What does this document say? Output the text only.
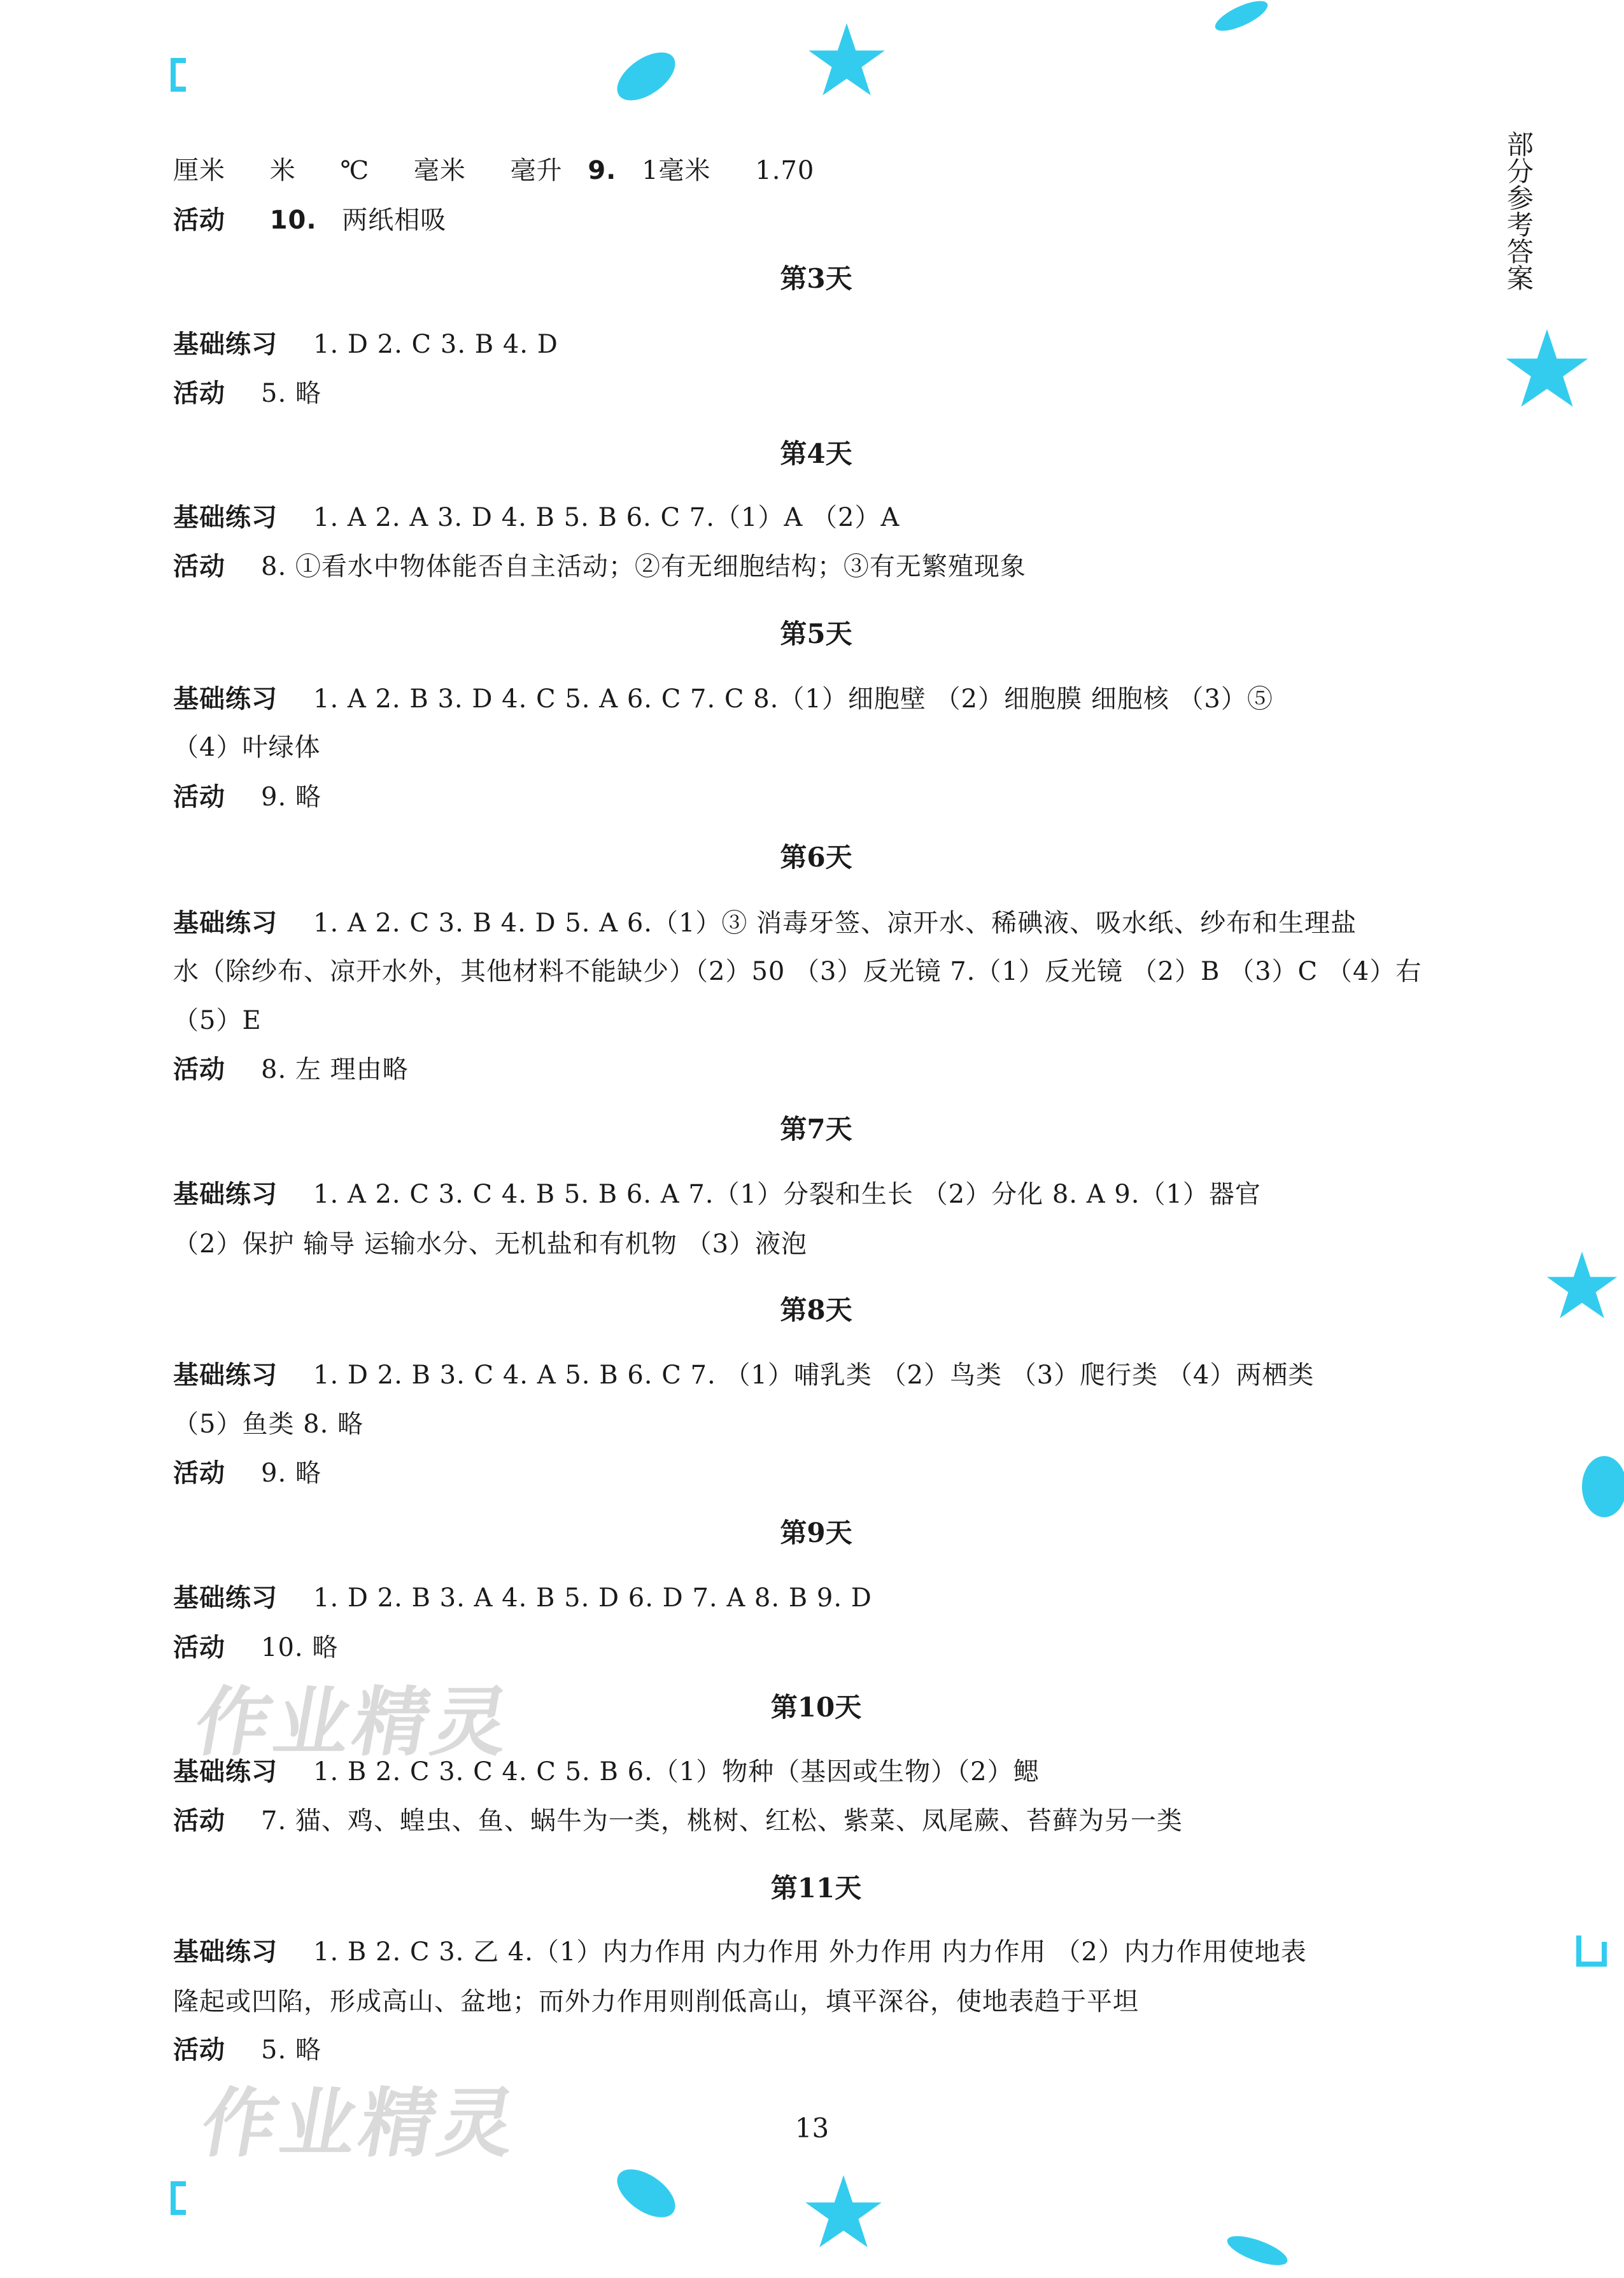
部分参考答案
作业精灵
作业精灵
厘米 米 ℃ 毫米 毫升 9. 1毫米 1.70
活动 10. 两纸相吸
第3天
基础练习 1. D 2. C 3. B 4. D
活动 5. 略
第4天
基础练习 1. A 2. A 3. D 4. B 5. B 6. C 7.（1）A （2）A
活动 8. ①看水中物体能否自主活动；②有无细胞结构；③有无繁殖现象
第5天
基础练习 1. A 2. B 3. D 4. C 5. A 6. C 7. C 8.（1）细胞壁 （2）细胞膜 细胞核 （3）⑤
（4）叶绿体
活动 9. 略
第6天
基础练习 1. A 2. C 3. B 4. D 5. A 6.（1）③ 消毒牙签、凉开水、稀碘液、吸水纸、纱布和生理盐
水（除纱布、凉开水外，其他材料不能缺少）（2）50 （3）反光镜 7.（1）反光镜 （2）B （3）C （4）右
（5）E
活动 8. 左 理由略
第7天
基础练习 1. A 2. C 3. C 4. B 5. B 6. A 7.（1）分裂和生长 （2）分化 8. A 9.（1）器官
（2）保护 输导 运输水分、无机盐和有机物 （3）液泡
第8天
基础练习 1. D 2. B 3. C 4. A 5. B 6. C 7. （1）哺乳类 （2）鸟类 （3）爬行类 （4）两栖类
（5）鱼类 8. 略
活动 9. 略
第9天
基础练习 1. D 2. B 3. A 4. B 5. D 6. D 7. A 8. B 9. D
活动 10. 略
第10天
基础练习 1. B 2. C 3. C 4. C 5. B 6.（1）物种（基因或生物）（2）鳃
活动 7. 猫、鸡、蝗虫、鱼、蜗牛为一类，桃树、红松、紫菜、凤尾蕨、苔藓为另一类
第11天
基础练习 1. B 2. C 3. 乙 4.（1）内力作用 内力作用 外力作用 内力作用 （2）内力作用使地表
隆起或凹陷，形成高山、盆地；而外力作用则削低高山，填平深谷，使地表趋于平坦
活动 5. 略
13
